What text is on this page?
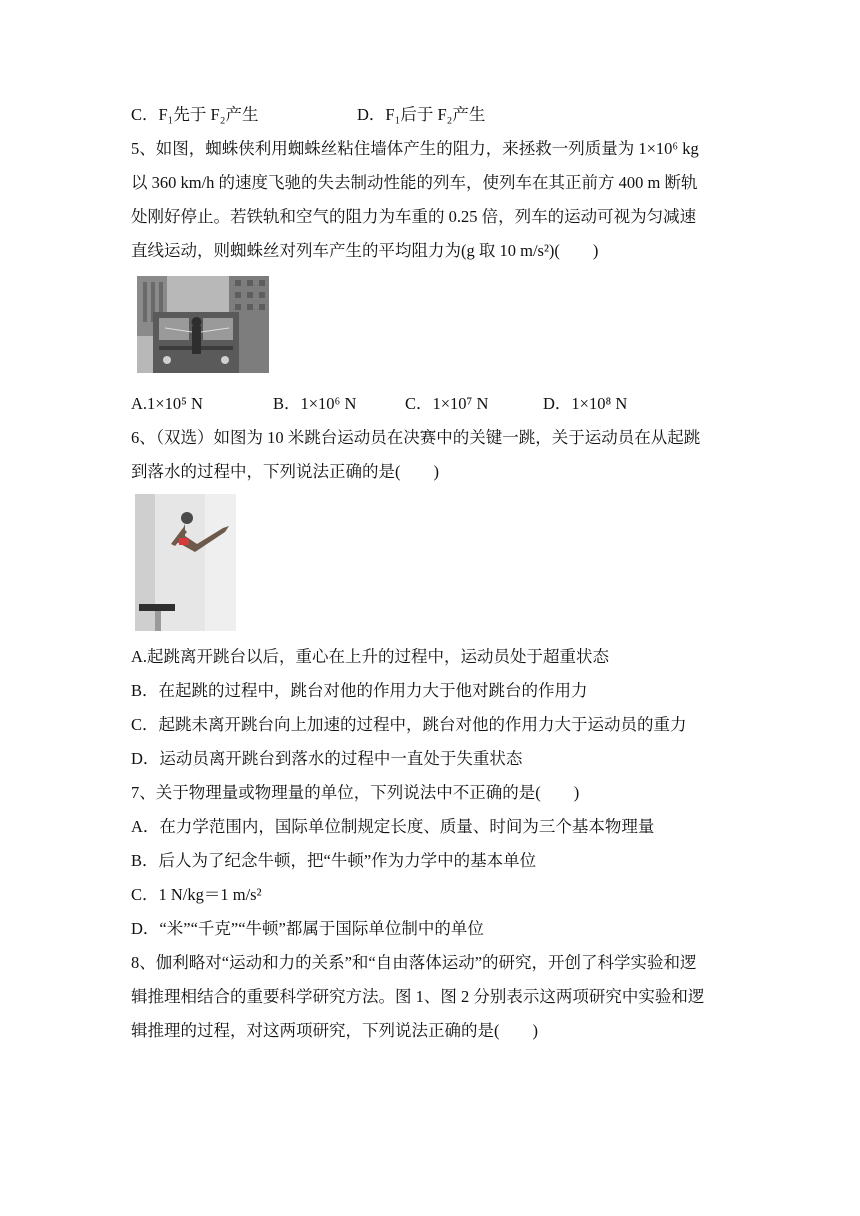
C．F₁先于 F₂产生	D．F₁后于 F₂产生
5、如图，蜘蛛侠利用蜘蛛丝粘住墙体产生的阻力，来拯救一列质量为 1×10⁶ kg
以 360 km/h 的速度飞驰的失去制动性能的列车，使列车在其正前方 400 m 断轨
处刚好停止。若铁轨和空气的阻力为车重的 0.25 倍，列车的运动可视为匀减速
直线运动，则蜘蛛丝对列车产生的平均阻力为(g 取 10 m/s²)(　　)
A.1×10⁵ N	B．1×10⁶ N	C．1×10⁷ N	D．1×10⁸ N
6、（双选）如图为 10 米跳台运动员在决赛中的关键一跳，关于运动员在从起跳
到落水的过程中，下列说法正确的是(　　)
A.起跳离开跳台以后，重心在上升的过程中，运动员处于超重状态
B．在起跳的过程中，跳台对他的作用力大于他对跳台的作用力
C．起跳未离开跳台向上加速的过程中，跳台对他的作用力大于运动员的重力
D．运动员离开跳台到落水的过程中一直处于失重状态
7、关于物理量或物理量的单位，下列说法中不正确的是(　　)
A．在力学范围内，国际单位制规定长度、质量、时间为三个基本物理量
B．后人为了纪念牛顿，把“牛顿”作为力学中的基本单位
C．1 N/kg＝1 m/s²
D．“米”“千克”“牛顿”都属于国际单位制中的单位
8、伽利略对“运动和力的关系”和“自由落体运动”的研究，开创了科学实验和逻
辑推理相结合的重要科学研究方法。图 1、图 2 分别表示这两项研究中实验和逻
辑推理的过程，对这两项研究，下列说法正确的是(　　)
